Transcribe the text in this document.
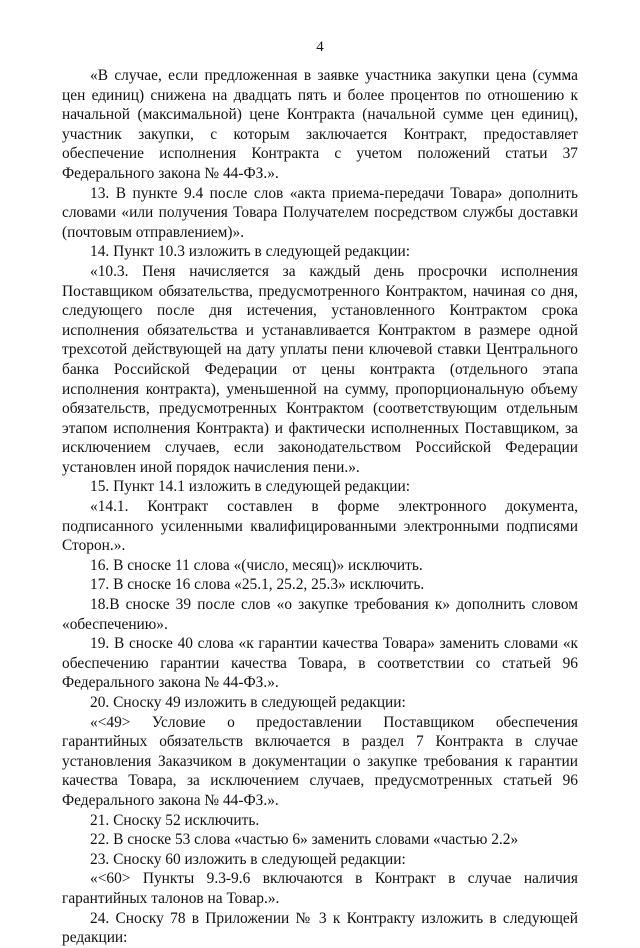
4

«В случае, если предложенная в заявке участника закупки цена (сумма цен единиц) снижена на двадцать пять и более процентов по отношению к начальной (максимальной) цене Контракта (начальной сумме цен единиц), участник закупки, с которым заключается Контракт, предоставляет обеспечение исполнения Контракта с учетом положений статьи 37 Федерального закона № 44-ФЗ.».

13. В пункте 9.4 после слов «акта приема-передачи Товара» дополнить словами «или получения Товара Получателем посредством службы доставки (почтовым отправлением)».

14. Пункт 10.3 изложить в следующей редакции:

«10.3. Пеня начисляется за каждый день просрочки исполнения Поставщиком обязательства, предусмотренного Контрактом, начиная со дня, следующего после дня истечения, установленного Контрактом срока исполнения обязательства и устанавливается Контрактом в размере одной трехсотой действующей на дату уплаты пени ключевой ставки Центрального банка Российской Федерации от цены контракта (отдельного этапа исполнения контракта), уменьшенной на сумму, пропорциональную объему обязательств, предусмотренных Контрактом (соответствующим отдельным этапом исполнения Контракта) и фактически исполненных Поставщиком, за исключением случаев, если законодательством Российской Федерации установлен иной порядок начисления пени.».

15. Пункт 14.1 изложить в следующей редакции:

«14.1. Контракт составлен в форме электронного документа, подписанного усиленными квалифицированными электронными подписями Сторон.».

16. В сноске 11 слова «(число, месяц)» исключить.

17. В сноске 16 слова «25.1, 25.2, 25.3» исключить.

18.В сноске 39 после слов «о закупке требования к» дополнить словом «обеспечению».

19. В сноске 40 слова «к гарантии качества Товара» заменить словами «к обеспечению гарантии качества Товара, в соответствии со статьей 96 Федерального закона № 44-ФЗ.».

20. Сноску 49 изложить в следующей редакции:

«<49> Условие о предоставлении Поставщиком обеспечения гарантийных обязательств включается в раздел 7 Контракта в случае установления Заказчиком в документации о закупке требования к гарантии качества Товара, за исключением случаев, предусмотренных статьей 96 Федерального закона № 44-ФЗ.».

21. Сноску 52 исключить.

22. В сноске 53 слова «частью 6» заменить словами «частью 2.2»

23. Сноску 60 изложить в следующей редакции:

«<60> Пункты 9.3-9.6 включаются в Контракт в случае наличия гарантийных талонов на Товар.».

24. Сноску 78 в Приложении № 3 к Контракту изложить в следующей редакции:
